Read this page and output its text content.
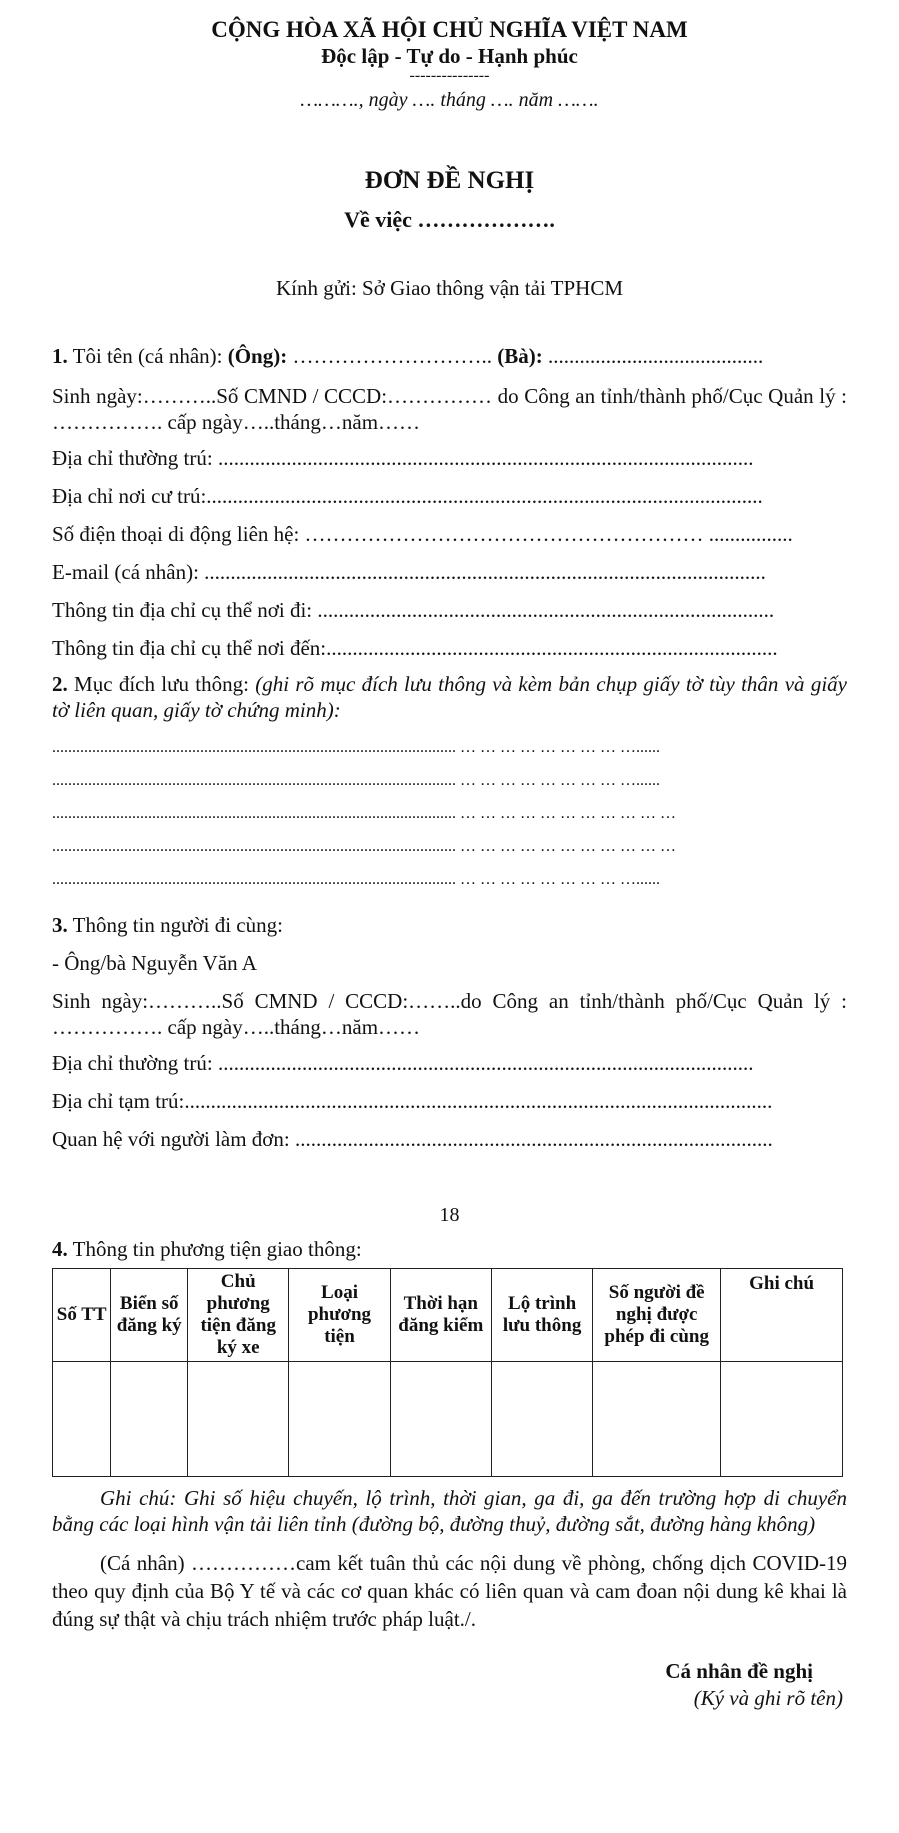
CỘNG HÒA XÃ HỘI CHỦ NGHĨA VIỆT NAM
Độc lập - Tự do - Hạnh phúc
---------------
………., ngày …. tháng …. năm …….
ĐƠN ĐỀ NGHỊ
Về việc ……………….
Kính gửi: Sở Giao thông vận tải TPHCM
1. Tôi tên (cá nhân): (Ông): ……………………….. (Bà): .........................................
Sinh ngày:………..Số CMND / CCCD:…………… do Công an tỉnh/thành phố/Cục Quản lý : ……………. cấp ngày…..tháng…năm……
Địa chỉ thường trú: ......................................................................................................
Địa chỉ nơi cư trú:..........................................................................................................
Số điện thoại di động liên hệ: ………………………………………………… ................
E-mail (cá nhân): ...........................................................................................................
Thông tin địa chỉ cụ thể nơi đi: .......................................................................................
Thông tin địa chỉ cụ thể nơi đến:......................................................................................
2. Mục đích lưu thông: (ghi rõ mục đích lưu thông và kèm bản chụp giấy tờ tùy thân và giấy tờ liên quan, giấy tờ chứng minh):
..................................................................................................... … … … … … … … … …......
..................................................................................................... … … … … … … … … …......
..................................................................................................... … … … … … … … … … … …
..................................................................................................... … … … … … … … … … … …
..................................................................................................... … … … … … … … … …......
3. Thông tin người đi cùng:
- Ông/bà Nguyễn Văn A
Sinh ngày:………..Số CMND / CCCD:……..do Công an tỉnh/thành phố/Cục Quản lý : ……………. cấp ngày…..tháng…năm……
Địa chỉ thường trú: ......................................................................................................
Địa chỉ tạm trú:................................................................................................................
Quan hệ với người làm đơn: ...........................................................................................
18
4. Thông tin phương tiện giao thông:
Số TT	Biển số đăng ký	Chủ phương tiện đăng ký xe	Loại phương tiện	Thời hạn đăng kiểm	Lộ trình lưu thông	Số người đề nghị được phép đi cùng	Ghi chú

Ghi chú: Ghi số hiệu chuyến, lộ trình, thời gian, ga đi, ga đến trường hợp di chuyển bằng các loại hình vận tải liên tỉnh (đường bộ, đường thuỷ, đường sắt, đường hàng không)
(Cá nhân) ……………cam kết tuân thủ các nội dung về phòng, chống dịch COVID-19 theo quy định của Bộ Y tế và các cơ quan khác có liên quan và cam đoan nội dung kê khai là đúng sự thật và chịu trách nhiệm trước pháp luật./.
Cá nhân đề nghị
(Ký và ghi rõ tên)
